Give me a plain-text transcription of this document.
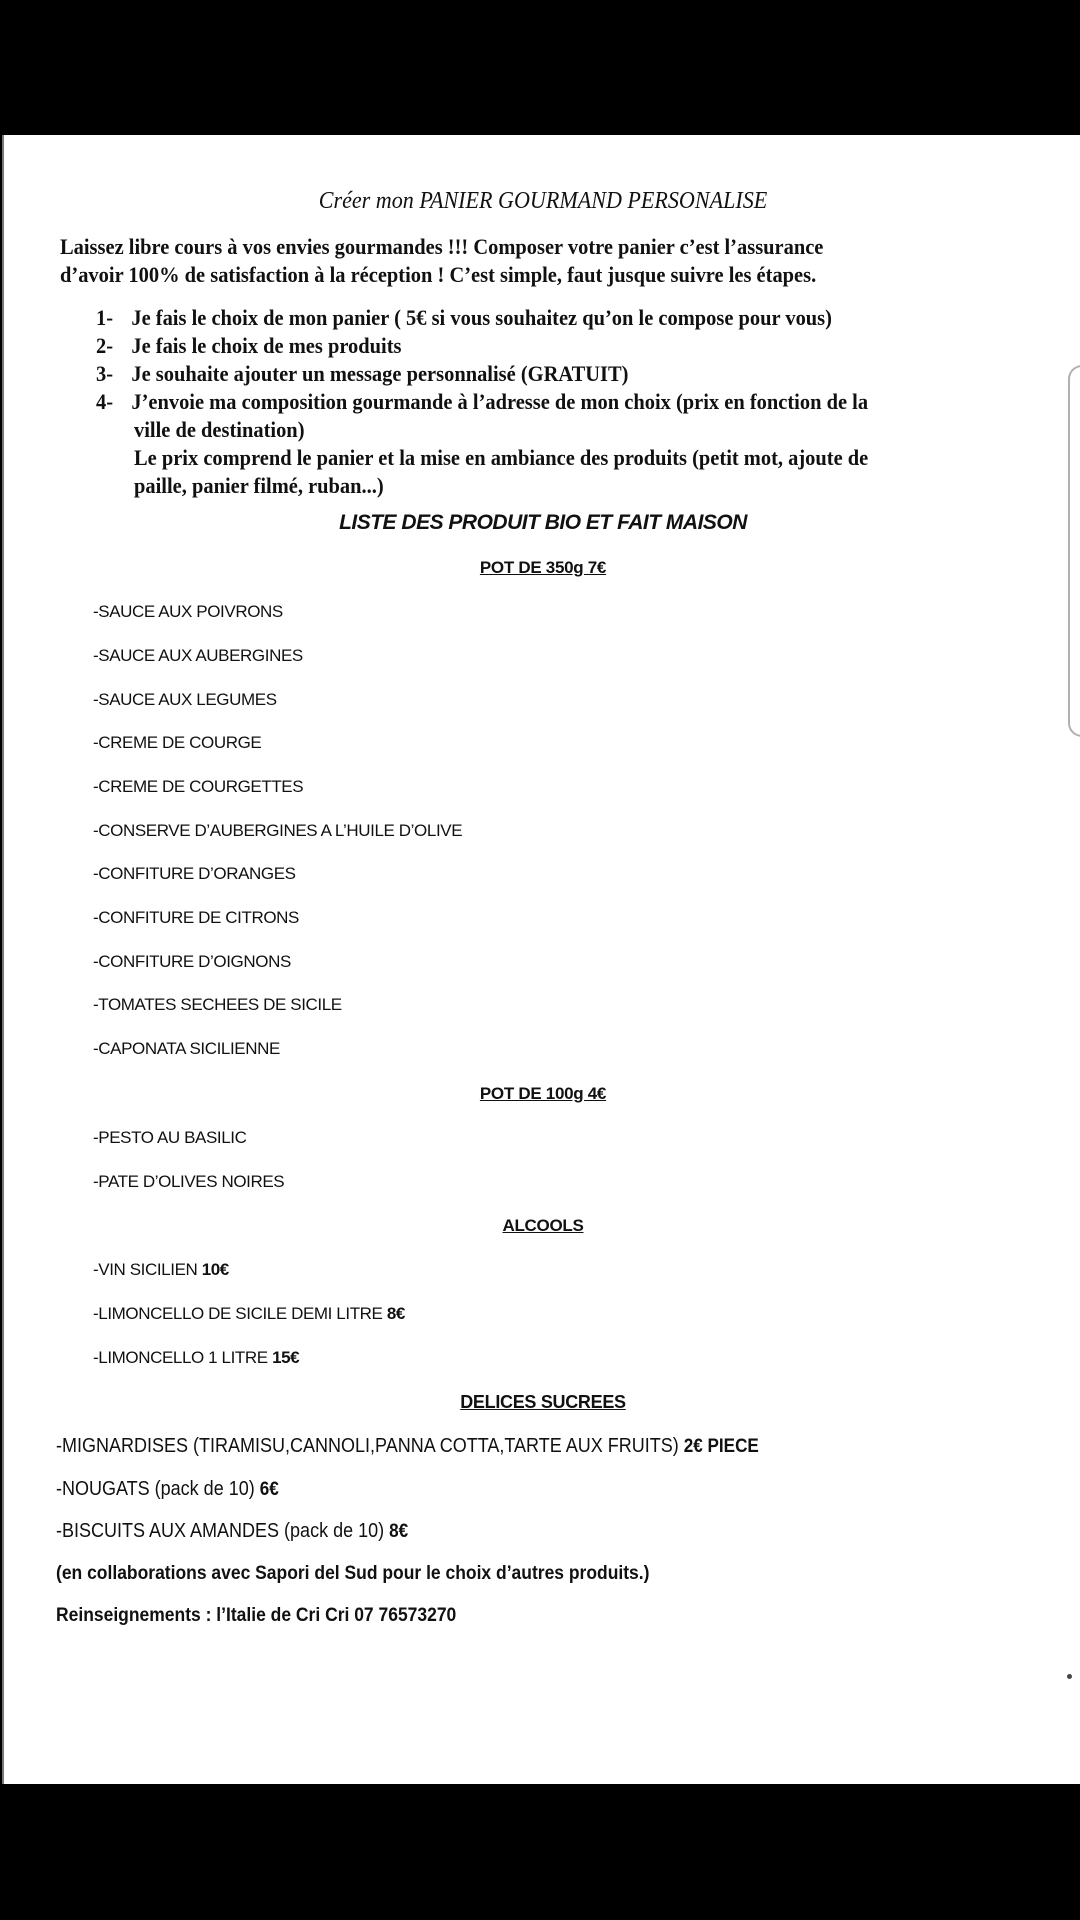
Créer mon PANIER GOURMAND PERSONALISE
Laissez libre cours à vos envies gourmandes !!! Composer votre panier c’est l’assurance
d’avoir 100% de satisfaction à la réception ! C’est simple, faut jusque suivre les étapes.
1- Je fais le choix de mon panier ( 5€ si vous souhaitez qu’on le compose pour vous)
2- Je fais le choix de mes produits
3- Je souhaite ajouter un message personnalisé (GRATUIT)
4- J’envoie ma composition gourmande à l’adresse de mon choix (prix en fonction de la
ville de destination)
Le prix comprend le panier et la mise en ambiance des produits (petit mot, ajoute de
paille, panier filmé, ruban...)
LISTE DES PRODUIT BIO ET FAIT MAISON
POT DE 350g 7€
-SAUCE AUX POIVRONS
-SAUCE AUX AUBERGINES
-SAUCE AUX LEGUMES
-CREME DE COURGE
-CREME DE COURGETTES
-CONSERVE D’AUBERGINES A L’HUILE D’OLIVE
-CONFITURE D’ORANGES
-CONFITURE DE CITRONS
-CONFITURE D’OIGNONS
-TOMATES SECHEES DE SICILE
-CAPONATA SICILIENNE
POT DE 100g 4€
-PESTO AU BASILIC
-PATE D’OLIVES NOIRES
ALCOOLS
-VIN SICILIEN 10€
-LIMONCELLO DE SICILE DEMI LITRE 8€
-LIMONCELLO 1 LITRE 15€
DELICES SUCREES
-MIGNARDISES (TIRAMISU,CANNOLI,PANNA COTTA,TARTE AUX FRUITS) 2€ PIECE
-NOUGATS (pack de 10) 6€
-BISCUITS AUX AMANDES (pack de 10) 8€
(en collaborations avec Sapori del Sud pour le choix d’autres produits.)
Reinseignements : l’Italie de Cri Cri 07 76573270
